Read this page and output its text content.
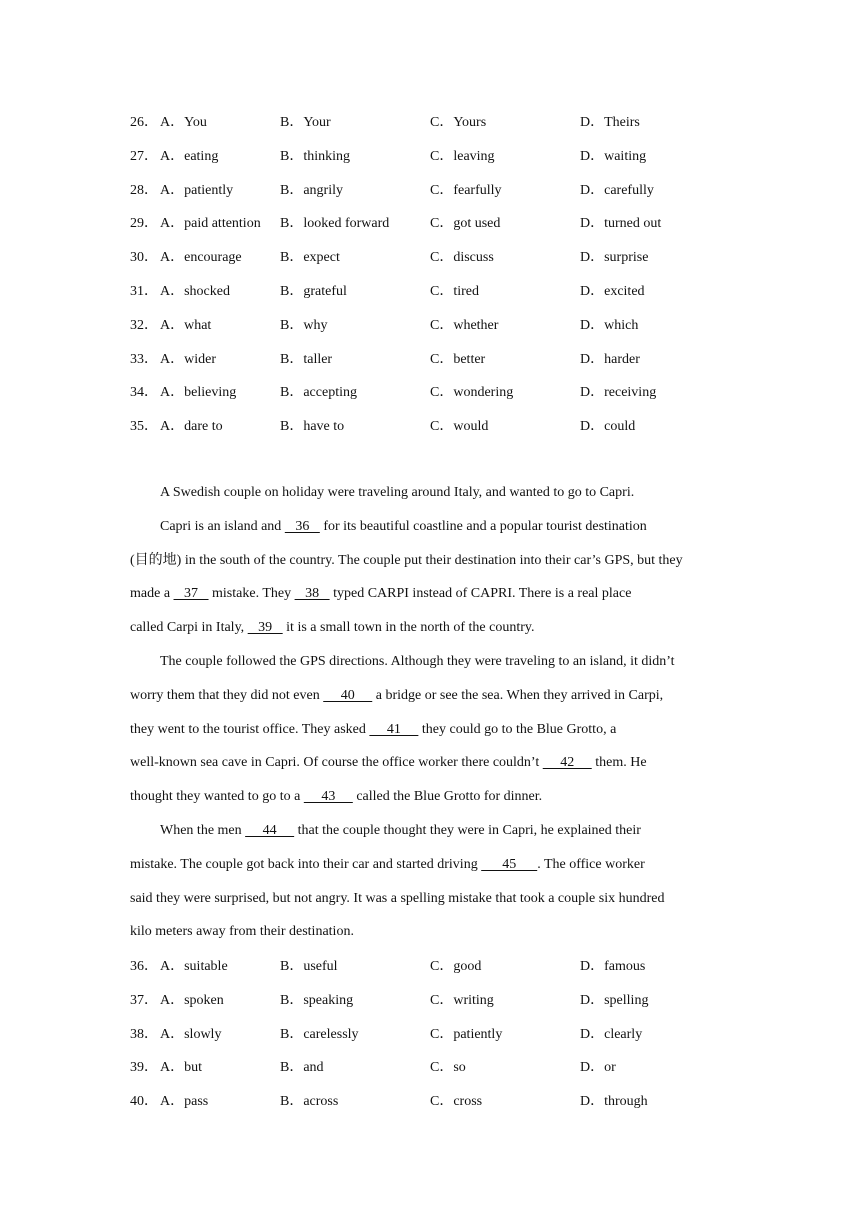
26． A．You	B．Your	C．Yours	D．Theirs
27． A．eating	B．thinking	C．leaving	D．waiting
28． A．patiently	B．angrily	C．fearfully	D．carefully
29． A．paid attention B．looked forward	C．got used	D．turned out
30． A．encourage	B．expect	C．discuss	D．surprise
31． A．shocked	B．grateful	C．tired	D．excited
32． A．what	B．why	C．whether	D．which
33． A．wider	B．taller	C．better	D．harder
34． A．believing	B．accepting	C．wondering	D．receiving
35． A．dare to	B．have to	C．would	D．could
A Swedish couple on holiday were traveling around Italy, and wanted to go to Capri.
Capri is an island and    36    for its beautiful coastline and a popular tourist destination
(目的地) in the south of the country. The couple put their destination into their car’s GPS, but they
made a    37    mistake. They    38    typed CARPI instead of CAPRI. There is a real place
called Carpi in Italy,    39    it is a small town in the north of the country.
The couple followed the GPS directions. Although they were traveling to an island, it didn’t
worry them that they did not even      40      a bridge or see the sea. When they arrived in Carpi,
they went to the tourist office. They asked      41      they could go to the Blue Grotto, a
well-known sea cave in Capri. Of course the office worker there couldn’t      42      them. He
thought they wanted to go to a      43      called the Blue Grotto for dinner.
When the men      44      that the couple thought they were in Capri, he explained their
mistake. The couple got back into their car and started driving       45      . The office worker
said they were surprised, but not angry. It was a spelling mistake that took a couple six hundred
kilo meters away from their destination.
36． A．suitable	B．useful	C．good	D．famous
37． A．spoken	B．speaking	C．writing	D．spelling
38． A．slowly	B．carelessly	C．patiently	D．clearly
39． A．but	B．and	C．so	D．or
40． A．pass	B．across	C．cross	D．through
